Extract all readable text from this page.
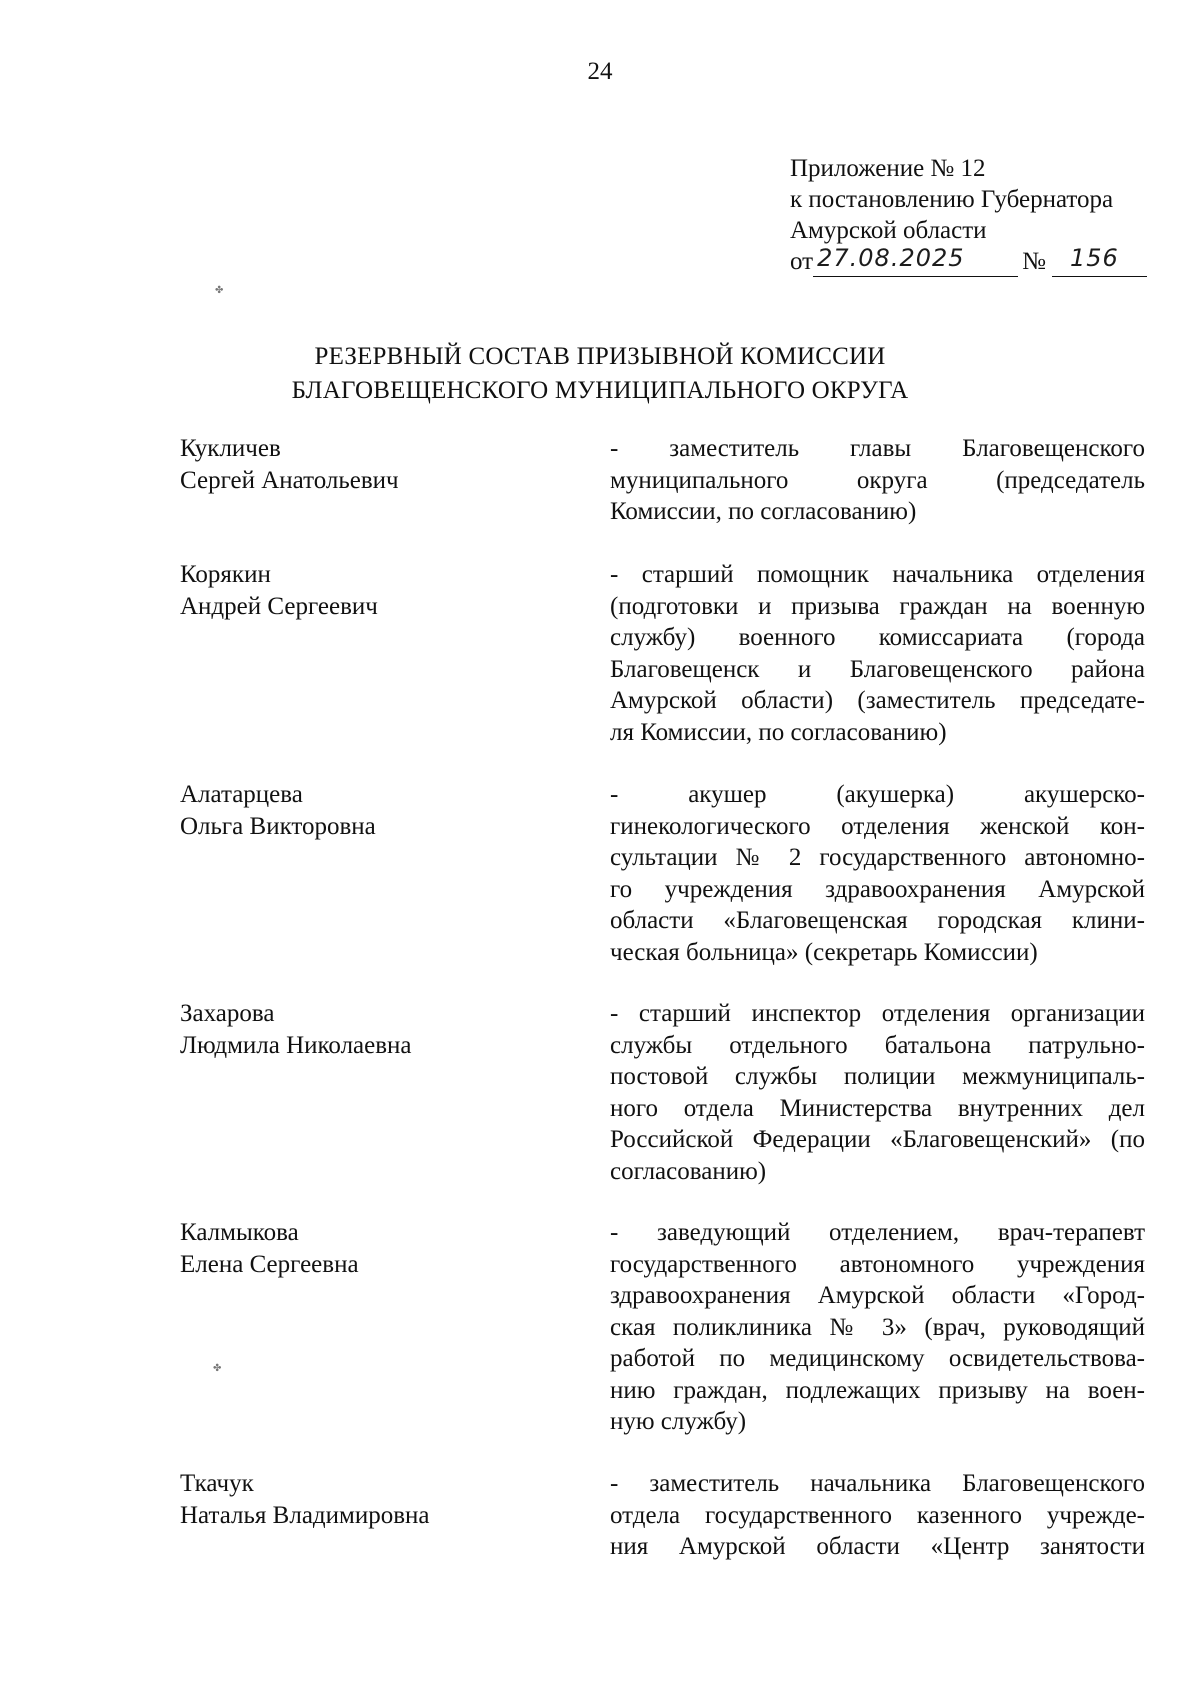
24
Приложение № 12
к постановлению Губернатора
Амурской области
от 27.08.2025 № 156
РЕЗЕРВНЫЙ СОСТАВ ПРИЗЫВНОЙ КОМИССИИ
БЛАГОВЕЩЕНСКОГО МУНИЦИПАЛЬНОГО ОКРУГА
Кукличев
Сергей Анатольевич
- заместитель главы Благовещенского
муниципального округа (председатель
Комиссии, по согласованию)
Корякин
Андрей Сергеевич
- старший помощник начальника отделения
(подготовки и призыва граждан на военную
службу) военного комиссариата (города
Благовещенск и Благовещенского района
Амурской области) (заместитель председате-
ля Комиссии, по согласованию)
Алатарцева
Ольга Викторовна
- акушер (акушерка) акушерско-
гинекологического отделения женской кон-
сультации № 2 государственного автономно-
го учреждения здравоохранения Амурской
области «Благовещенская городская клини-
ческая больница» (секретарь Комиссии)
Захарова
Людмила Николаевна
- старший инспектор отделения организации
службы отдельного батальона патрульно-
постовой службы полиции межмуниципаль-
ного отдела Министерства внутренних дел
Российской Федерации «Благовещенский» (по
согласованию)
Калмыкова
Елена Сергеевна
- заведующий отделением, врач-терапевт
государственного автономного учреждения
здравоохранения Амурской области «Город-
ская поликлиника № 3» (врач, руководящий
работой по медицинскому освидетельствова-
нию граждан, подлежащих призыву на воен-
ную службу)
Ткачук
Наталья Владимировна
- заместитель начальника Благовещенского
отдела государственного казенного учрежде-
ния Амурской области «Центр занятости
✤
✤
